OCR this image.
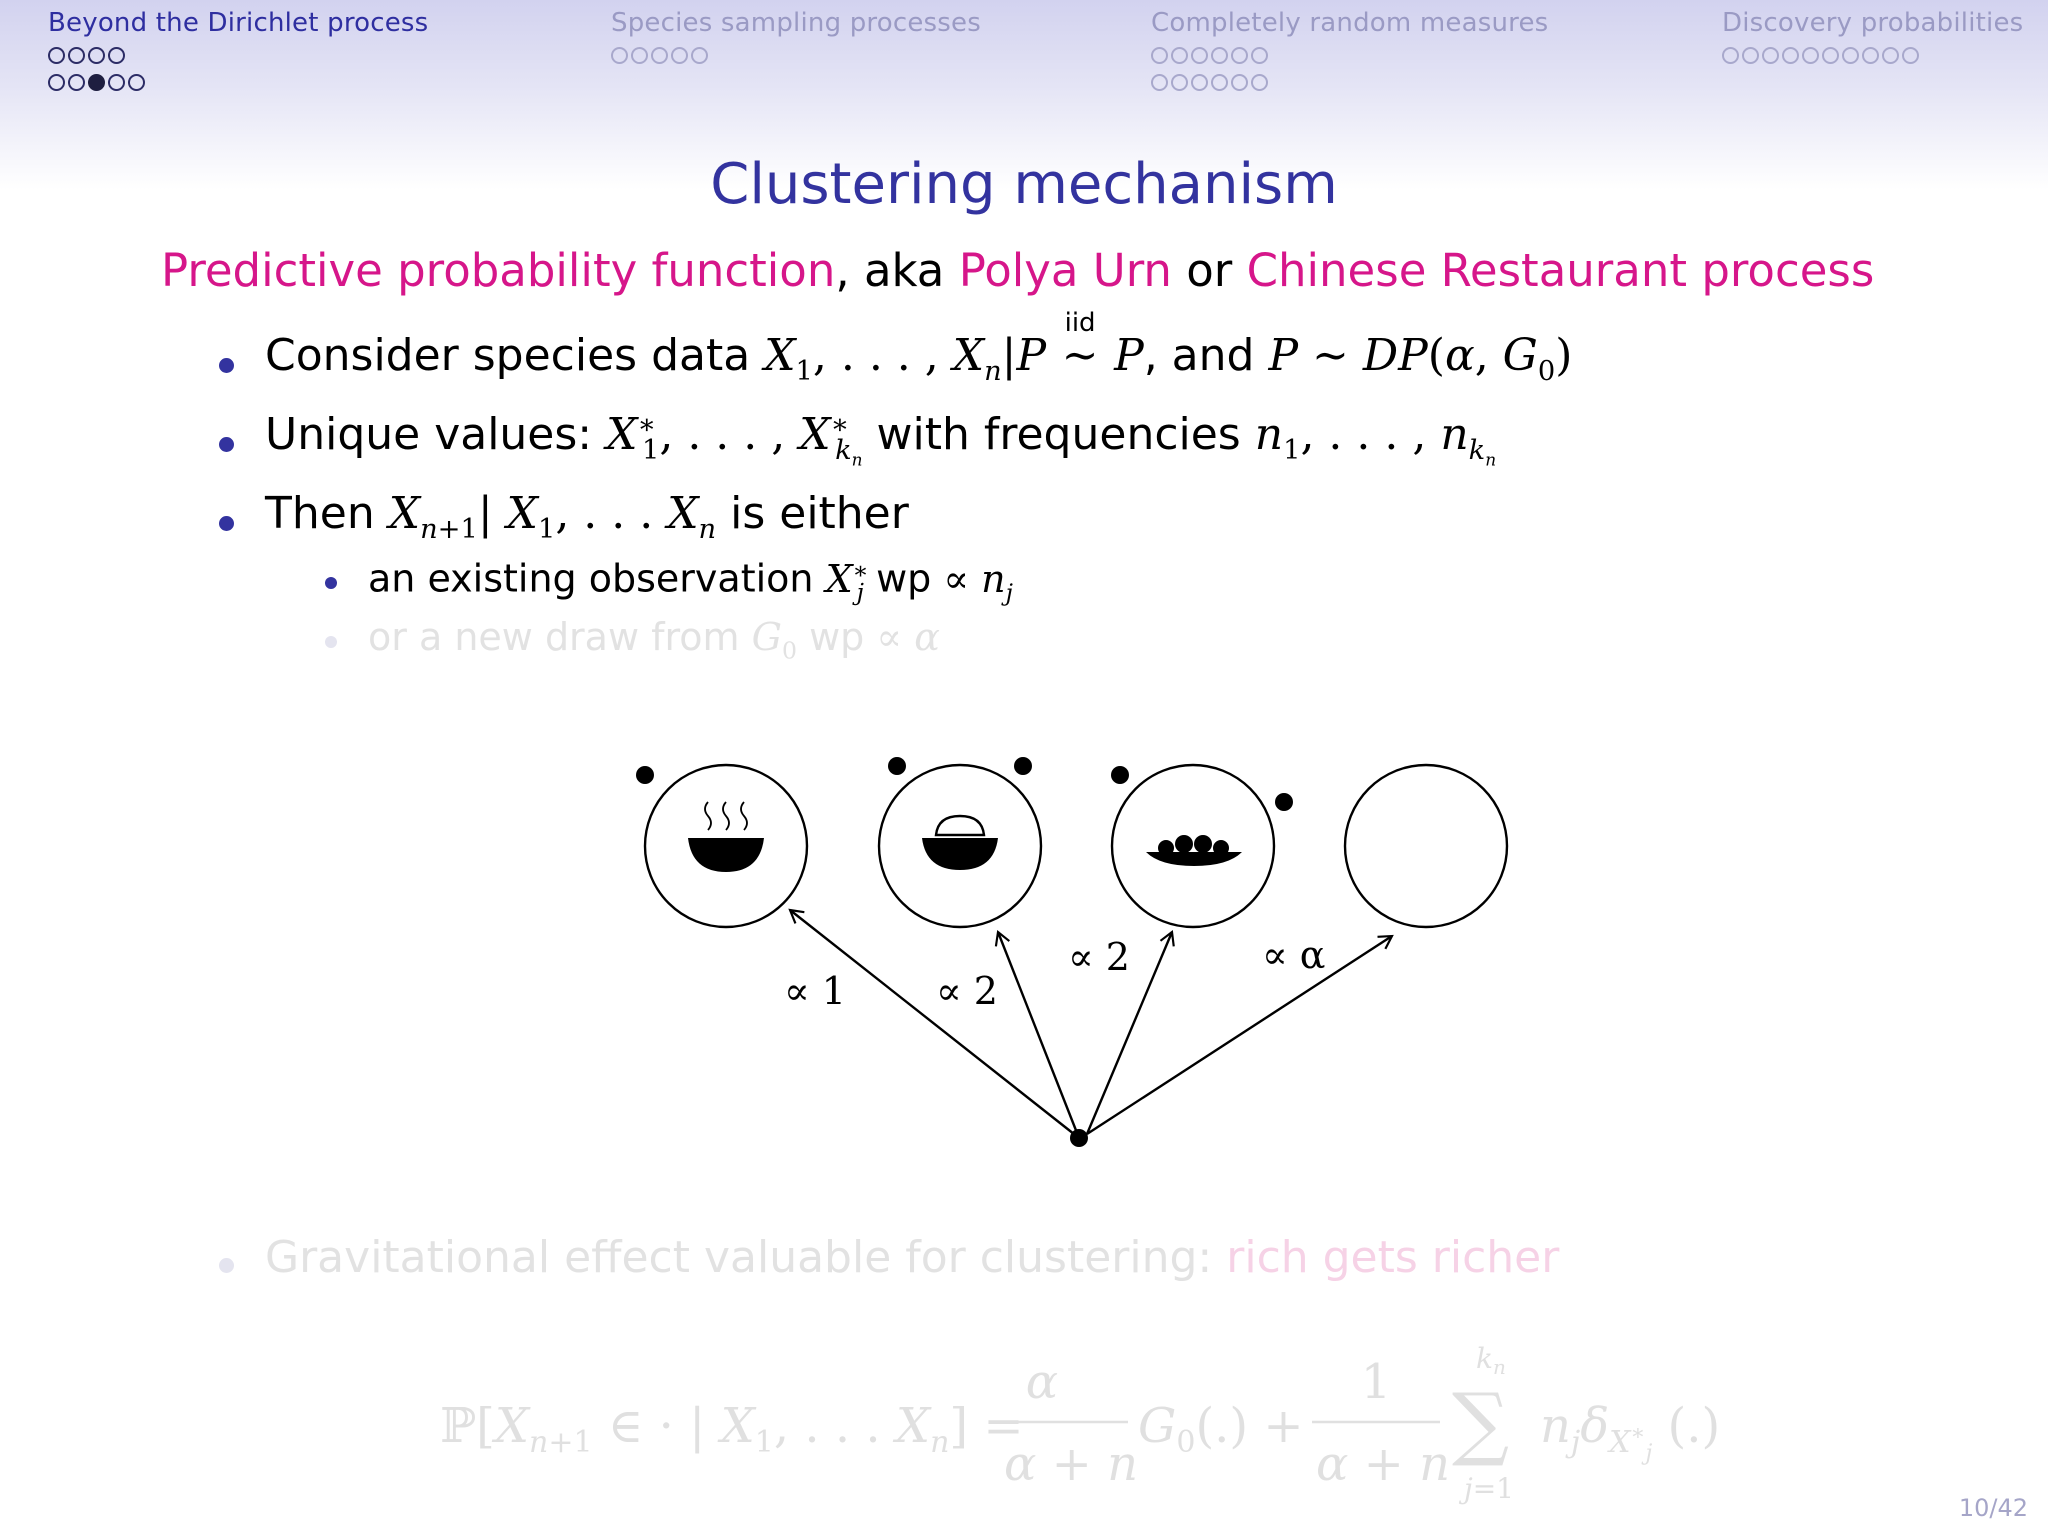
Beyond the Dirichlet process	Species sampling processes	Completely random measures	Discovery probabilities
Clustering mechanism
Predictive probability function, aka Polya Urn or Chinese Restaurant process
Consider species data $X_1$, . . . , $X_n|P$
iid
∼ P, and P ∼ DP(α, $G_0$)
Unique values: $X^∗_1$, . . . , $X^∗_{k_n}$ with frequencies $n_1$, . . . , $n_{k_n}$
Then $X_{n+1}|$ $X_1$, . . . $X_n$ is either
an existing observation $X^∗_j$ wp ∝ $n_j$
or a new draw from $G_0$ wp ∝ α
∝ 1 ∝ 2
∝ 2	∝ α
Gravitational effect valuable for clustering: rich gets richer
$ℙ[X_n+1$ ∈ · | $X_1$, . . . $X_n$] =
α
α + n
$G_0(.)$ +
1
α + n ∑
$k_n$
j=1
$n_j\delta_X^∗_j$ (.)
10/42
